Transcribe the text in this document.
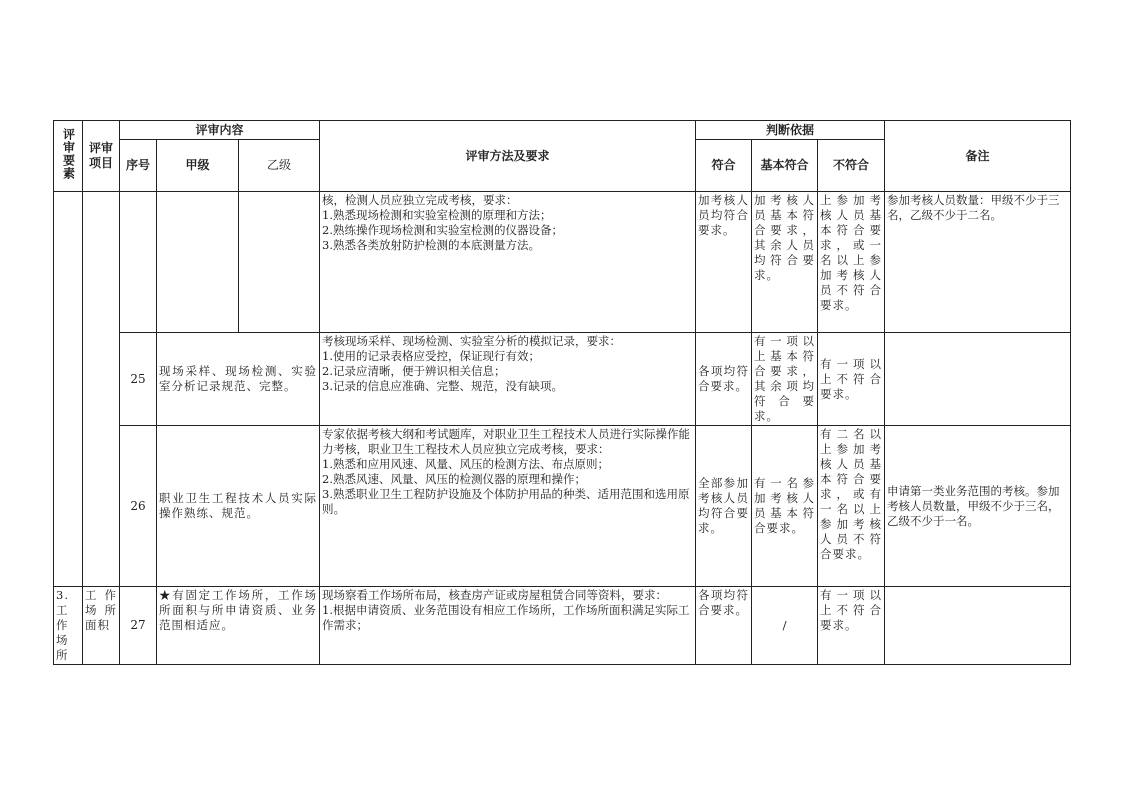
评审要素	评审项目	评审内容			评审方法及要求	判断依据			备注
		序号	甲级	乙级		符合	基本符合	不符合	
					核，检测人员应独立完成考核，要求：
1.熟悉现场检测和实验室检测的原理和方法；
2.熟练操作现场检测和实验室检测的仪器设备；
3.熟悉各类放射防护检测的本底测量方法。	加考核人员均符合要求。	加考核人员基本符合要求，其余人员均符合要求。	上参加考核人员基本符合要求，或一名以上参加考核人员不符合要求。	参加考核人员数量：甲级不少于三名，乙级不少于二名。
		25	现场采样、现场检测、实验室分析记录规范、完整。		考核现场采样、现场检测、实验室分析的模拟记录，要求：
1.使用的记录表格应受控，保证现行有效；
2.记录应清晰，便于辨识相关信息；
3.记录的信息应准确、完整、规范，没有缺项。	各项均符合要求。	有一项以上基本符合要求，其余项均符合要求。	有一项以上不符合要求。	
		26	职业卫生工程技术人员实际操作熟练、规范。		专家依据考核大纲和考试题库，对职业卫生工程技术人员进行实际操作能力考核，职业卫生工程技术人员应独立完成考核，要求：
1.熟悉和应用风速、风量、风压的检测方法、布点原则；
2.熟悉风速、风量、风压的检测仪器的原理和操作；
3.熟悉职业卫生工程防护设施及个体防护用品的种类、适用范围和选用原则。	全部参加考核人员均符合要求。	有一名参加考核人员基本符合要求。	有二名以上参加考核人员基本符合要求，或有一名以上参加考核人员不符合要求。	申请第一类业务范围的考核。参加考核人员数量，甲级不少于三名，乙级不少于一名。
3.工作场所	工作场所面积	27	★有固定工作场所，工作场所面积与所申请资质、业务范围相适应。		现场察看工作场所布局，核查房产证或房屋租赁合同等资料，要求：
1.根据申请资质、业务范围设有相应工作场所，工作场所面积满足实际工作需求；	各项均符合要求。	/	有一项以上不符合要求。	
